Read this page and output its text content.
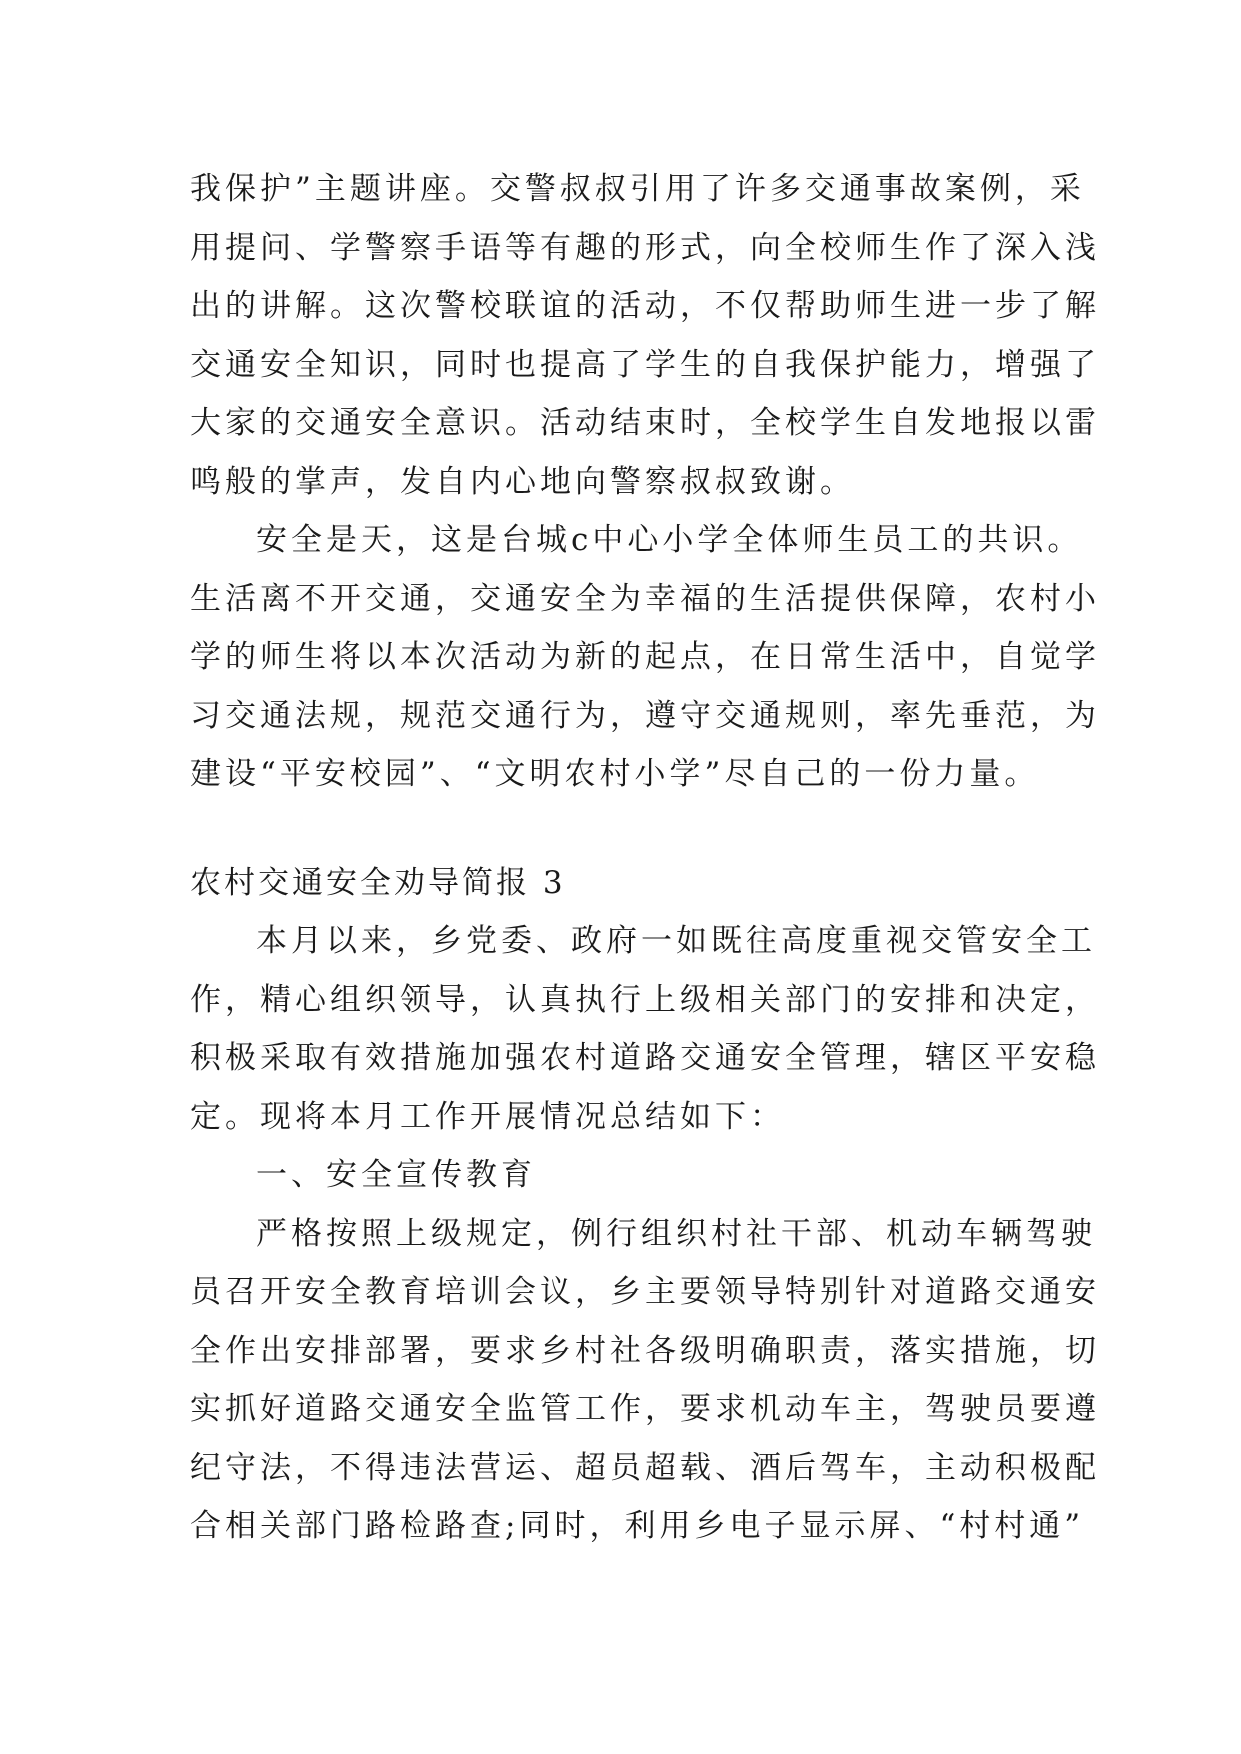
我保护”主题讲座。交警叔叔引用了许多交通事故案例，采
用提问、学警察手语等有趣的形式，向全校师生作了深入浅
出的讲解。这次警校联谊的活动，不仅帮助师生进一步了解
交通安全知识，同时也提高了学生的自我保护能力，增强了
大家的交通安全意识。活动结束时，全校学生自发地报以雷
鸣般的掌声，发自内心地向警察叔叔致谢。
安全是天，这是台城c中心小学全体师生员工的共识。
生活离不开交通，交通安全为幸福的生活提供保障，农村小
学的师生将以本次活动为新的起点，在日常生活中，自觉学
习交通法规，规范交通行为，遵守交通规则，率先垂范，为
建设“平安校园”、“文明农村小学”尽自己的一份力量。
农村交通安全劝导简报 3
本月以来，乡党委、政府一如既往高度重视交管安全工
作，精心组织领导，认真执行上级相关部门的安排和决定，
积极采取有效措施加强农村道路交通安全管理，辖区平安稳
定。现将本月工作开展情况总结如下：
一、安全宣传教育
严格按照上级规定，例行组织村社干部、机动车辆驾驶
员召开安全教育培训会议，乡主要领导特别针对道路交通安
全作出安排部署，要求乡村社各级明确职责，落实措施，切
实抓好道路交通安全监管工作，要求机动车主，驾驶员要遵
纪守法，不得违法营运、超员超载、酒后驾车，主动积极配
合相关部门路检路查;同时，利用乡电子显示屏、“村村通”
